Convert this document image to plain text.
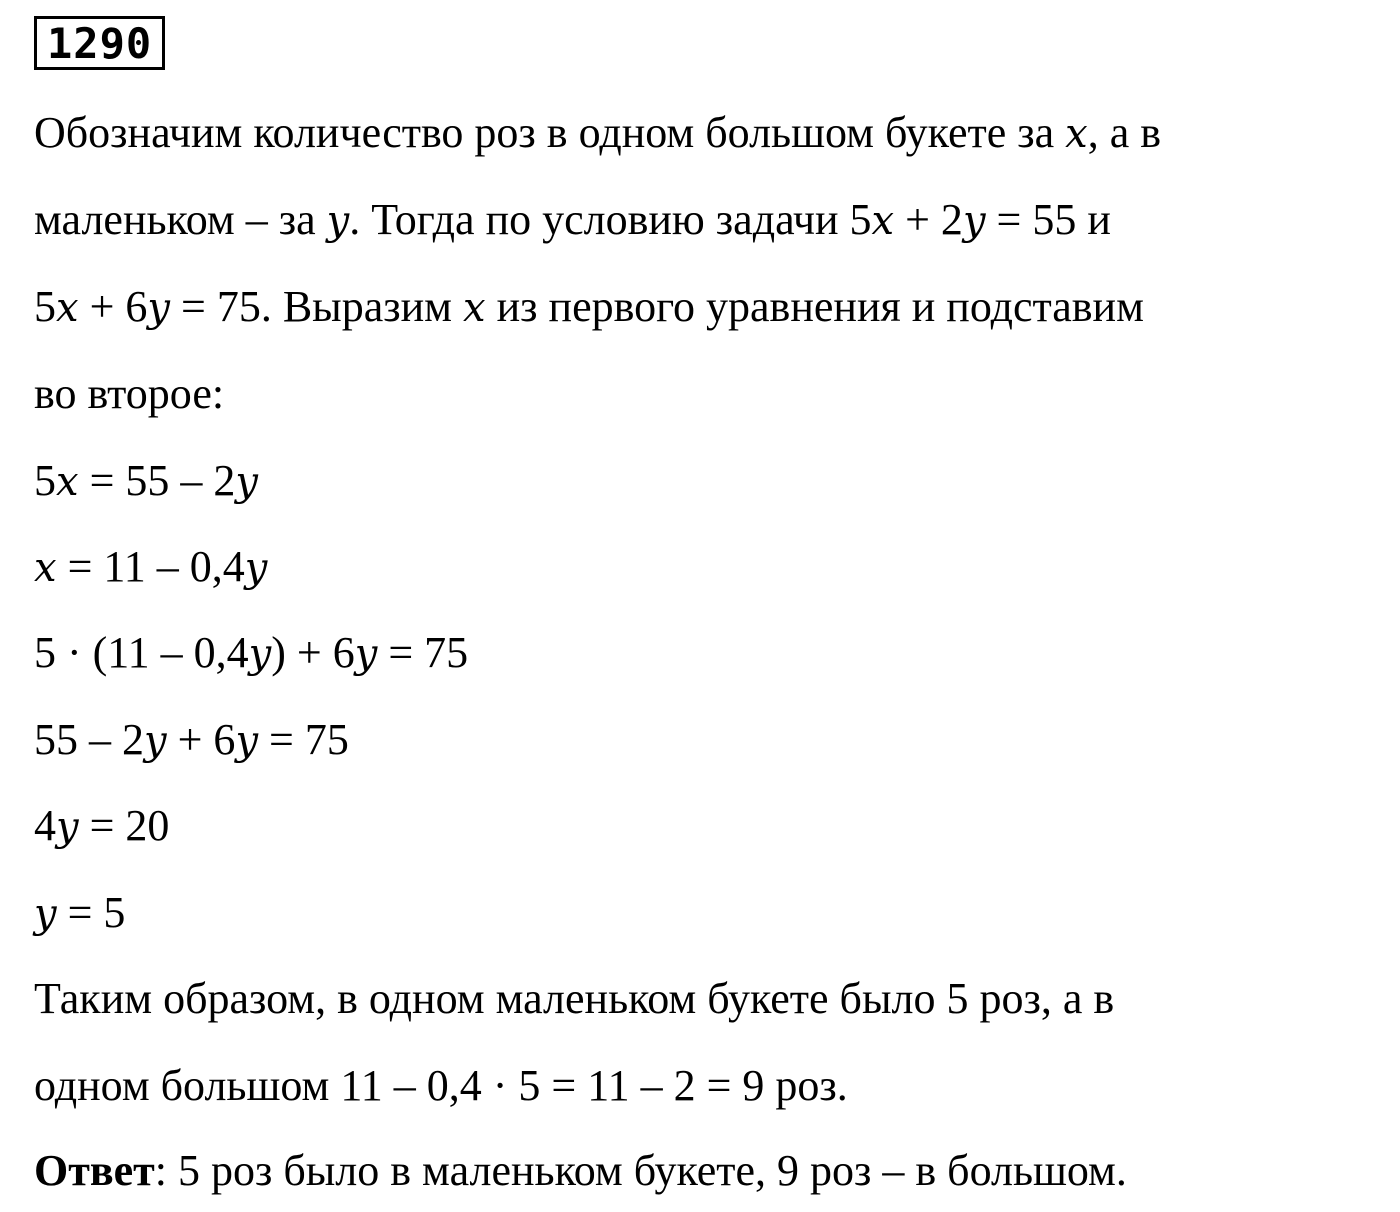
1290
Обозначим количество роз в одном большом букете за x, а в
маленьком – за y. Тогда по условию задачи 5x + 2y = 55 и
5x + 6y = 75. Выразим x из первого уравнения и подставим
во второе:
5x = 55 – 2y
x = 11 – 0,4y
5 · (11 – 0,4y) + 6y = 75
55 – 2y + 6y = 75
4y = 20
y = 5
Таким образом, в одном маленьком букете было 5 роз, а в
одном большом 11 – 0,4 · 5 = 11 – 2 = 9 роз.
Ответ: 5 роз было в маленьком букете, 9 роз – в большом.
